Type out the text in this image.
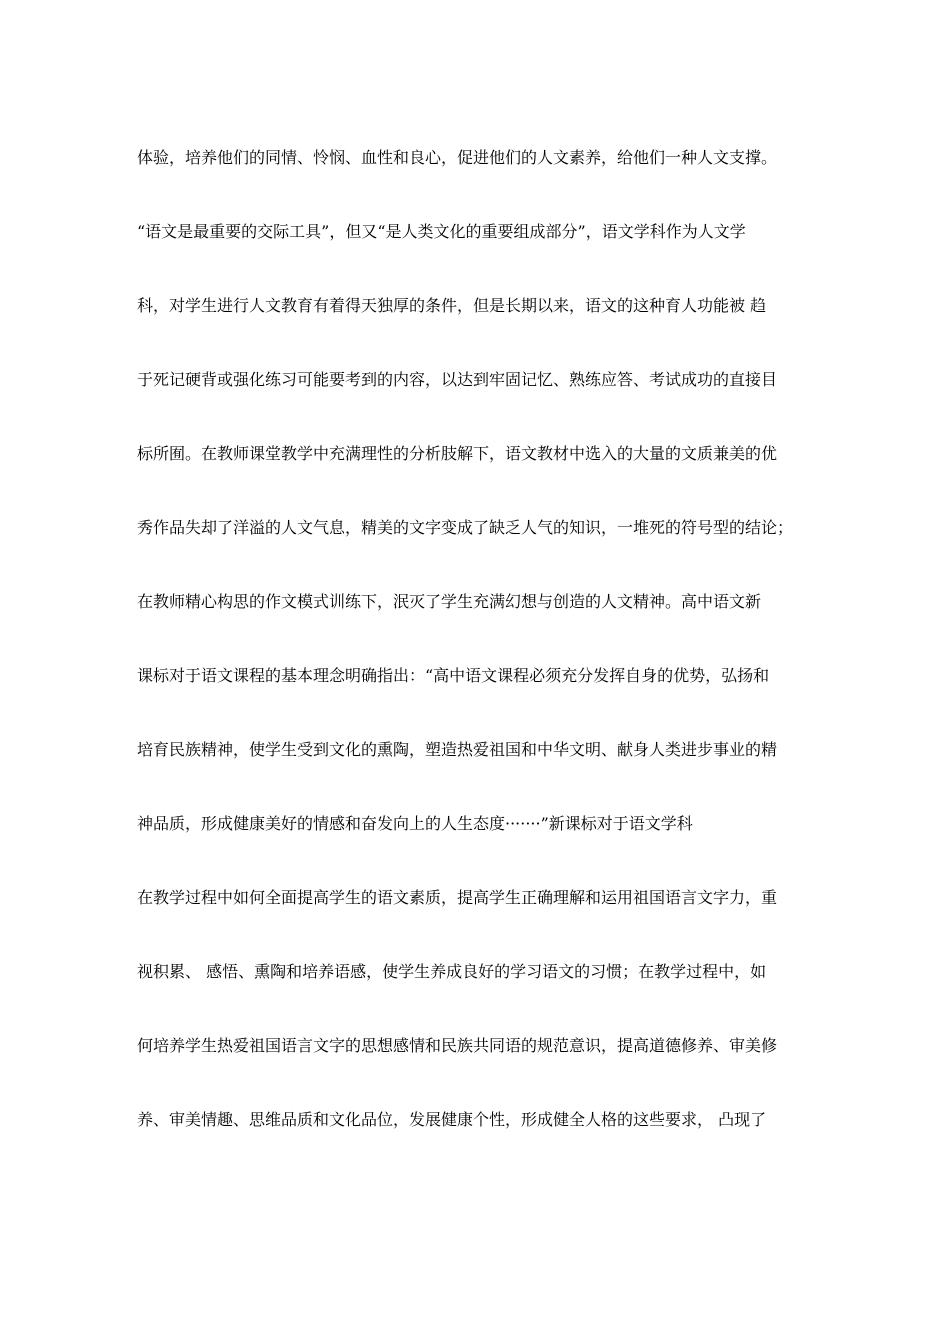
体验，培养他们的同情、怜悯、血性和良心，促进他们的人文素养，给他们一种人文支撑。
“语文是最重要的交际工具”，但又“是人类文化的重要组成部分”，语文学科作为人文学
科，对学生进行人文教育有着得天独厚的条件，但是长期以来，语文的这种育人功能被 趋
于死记硬背或强化练习可能要考到的内容，以达到牢固记忆、熟练应答、考试成功的直接目
标所囿。在教师课堂教学中充满理性的分析肢解下，语文教材中选入的大量的文质兼美的优
秀作品失却了洋溢的人文气息，精美的文字变成了缺乏人气的知识，一堆死的符号型的结论；
在教师精心构思的作文模式训练下，泯灭了学生充满幻想与创造的人文精神。高中语文新
课标对于语文课程的基本理念明确指出：“高中语文课程必须充分发挥自身的优势，弘扬和
培育民族精神，使学生受到文化的熏陶，塑造热爱祖国和中华文明、献身人类进步事业的精
神品质，形成健康美好的情感和奋发向上的人生态度·······”新课标对于语文学科
在教学过程中如何全面提高学生的语文素质，提高学生正确理解和运用祖国语言文字力，重
视积累、 感悟、熏陶和培养语感，使学生养成良好的学习语文的习惯；在教学过程中，如
何培养学生热爱祖国语言文字的思想感情和民族共同语的规范意识，提高道德修养、审美修
养、审美情趣、思维品质和文化品位，发展健康个性，形成健全人格的这些要求， 凸现了
